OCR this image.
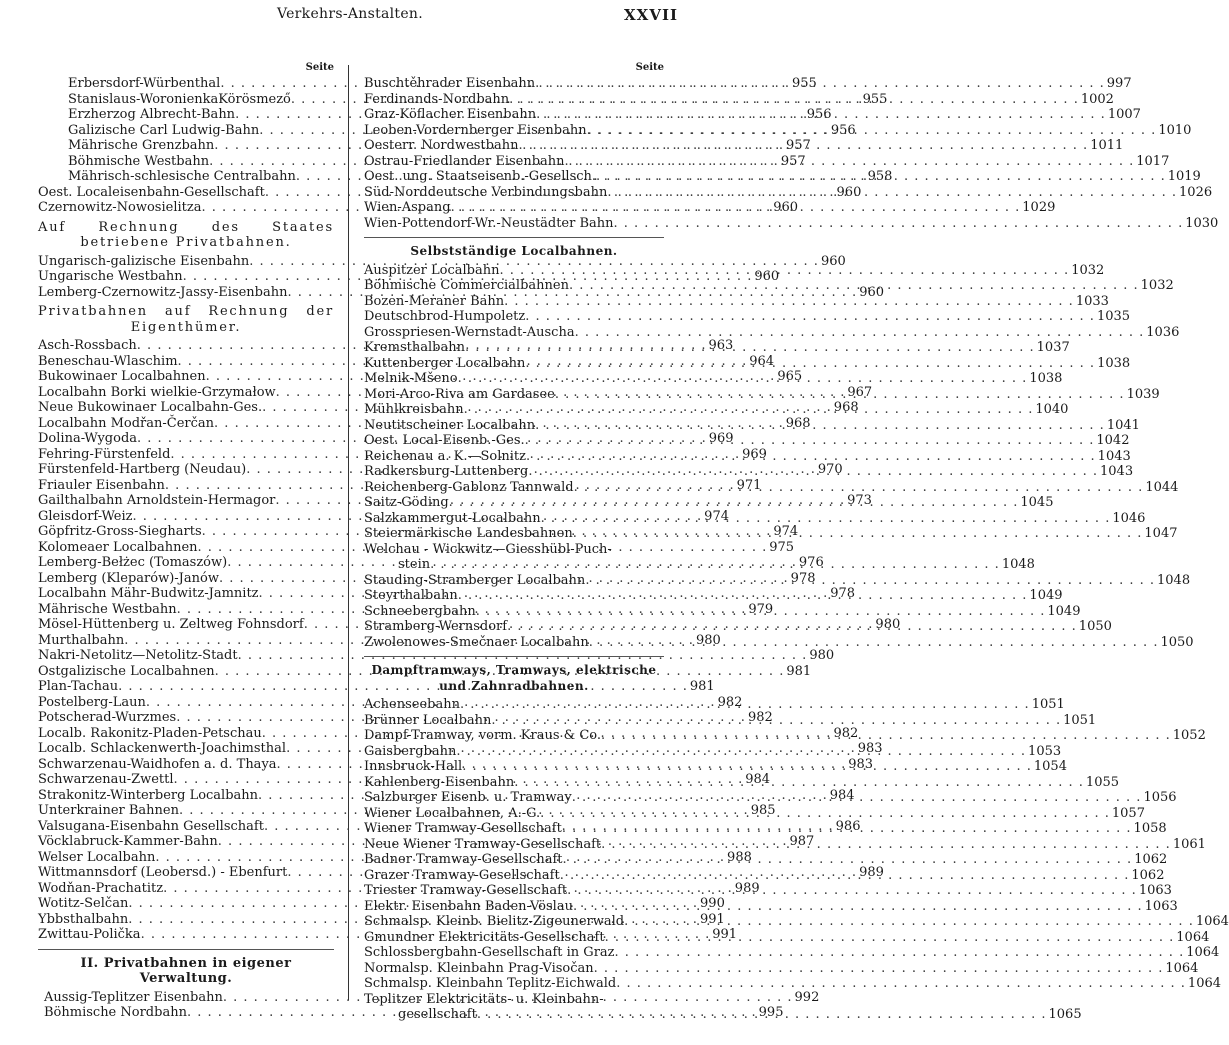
Verkehrs-Anstalten.	XXVII
Seite
Erbersdorf-Würbenthal . . .	955
Stanislaus-WoronienkaKörösmező . . .	955
Erzherzog Albrecht-Bahn . . .	956
Galizische Carl Ludwig-Bahn . . .	956
Mährische Grenzbahn . . .	957
Böhmische Westbahn . . .	957
Mährisch-schlesische Centralbahn . . .	958
Oest. Localeisenbahn-Gesellschaft . . .	960
Czernowitz-Nowosielitza . . .	960
Auf Rechnung des Staates betriebene Privatbahnen.
Ungarisch-galizische Eisenbahn . . .	960
Ungarische Westbahn . . .	960
Lemberg-Czernowitz-Jassy-Eisenbahn . . .	960
Privatbahnen auf Rechnung der Eigenthümer.
Asch-Rossbach . . .	963
Beneschau-Wlaschim . . .	964
Bukowinaer Localbahnen . . .	965
Localbahn Borki wielkie-Grzymałow . . .	967
Neue Bukowinaer Localbahn-Ges. . . .	968
Localbahn Modřan-Čerčan . . .	968
Dolina-Wygoda . . .	969
Fehring-Fürstenfeld . . .	969
Fürstenfeld-Hartberg (Neudau) . . .	970
Friauler Eisenbahn . . .	971
Gailthalbahn Arnoldstein-Hermagor . . .	973
Gleisdorf-Weiz . . .	974
Göpfritz-Gross-Siegharts . . .	974
Kolomeaer Localbahnen . . .	975
Lemberg-Bełżec (Tomaszów) . . .	976
Lemberg (Kleparów)-Janów . . .	978
Localbahn Mähr-Budwitz-Jamnitz . . .	978
Mährische Westbahn . . .	979
Mösel-Hüttenberg u. Zeltweg Fohnsdorf . . .	980
Murthalbahn . . .	980
Nakri-Netolitz—Netolitz-Stadt . . .	980
Ostgalizische Localbahnen . . .	981
Plan-Tachau . . .	981
Postelberg-Laun . . .	982
Potscherad-Wurzmes . . .	982
Localb. Rakonitz-Pladen-Petschau . . .	982
Localb. Schlackenwerth-Joachimsthal . . .	983
Schwarzenau-Waidhofen a. d. Thaya . . .	983
Schwarzenau-Zwettl . . .	984
Strakonitz-Winterberg Localbahn . . .	984
Unterkrainer Bahnen . . .	985
Valsugana-Eisenbahn Gesellschaft . . .	986
Vöcklabruck-Kammer-Bahn . . .	987
Welser Localbahn . . .	988
Wittmannsdorf (Leobersd.) - Ebenfurt . . .	989
Wodňan-Prachatitz . . .	989
Wotitz-Selčan . . .	990
Ybbsthalbahn . . .	991
Zwittau-Polička . . .	991
II. Privatbahnen in eigener Verwaltung.
Aussig-Teplitzer Eisenbahn . . .	992
Böhmische Nordbahn . . .	995
Seite
Buschtěhrader Eisenbahn . . .	997
Ferdinands-Nordbahn . . .	1002
Graz-Köflacher Eisenbahn . . .	1007
Leoben-Vordernberger Eisenbahn . . .	1010
Oesterr. Nordwestbahn . . .	1011
Ostrau-Friedlander Eisenbahn . . .	1017
Oest. ung. Staatseisenb.-Gesellsch. . . .	1019
Süd-Norddeutsche Verbindungsbahn . . .	1026
Wien-Aspang . . .	1029
Wien-Pottendorf-Wr.-Neustädter Bahn . . .	1030
Selbstständige Localbahnen.
Auspitzer Localbahn . . .	1032
Böhmische Commercialbahnen . . .	1032
Bozen-Meraner Bahn . . .	1033
Deutschbrod-Humpoletz . . .	1035
Grosspriesen-Wernstadt-Auscha . . .	1036
Kremsthalbahn . . .	1037
Kuttenberger Localbahn . . .	1038
Melnik-Mšeno . . .	1038
Mori-Arco-Riva am Gardasee . . .	1039
Mühlkreisbahn . . .	1040
Neutitscheiner Localbahn . . .	1041
Oest. Local-Eisenb.-Ges. . . .	1042
Reichenau a. K.—Solnitz . . .	1043
Radkersburg-Luttenberg . . .	1043
Reichenberg-Gablonz Tannwald . . .	1044
Saitz-Göding . . .	1045
Salzkammergut-Localbahn . . .	1046
Steiermärkische Landesbahnen . . .	1047
Welchau - Wickwitz—Giesshübl-Puch-
stein . . .	1048
Stauding-Stramberger Localbahn . . .	1048
Steyrthalbahn . . .	1049
Schneebergbahn . . .	1049
Stramberg-Wernsdorf . . .	1050
Zwolenowes-Smečnaer Localbahn . . .	1050
Dampftramways, Tramways, elektrische und Zahnradbahnen.
Achenseebahn . . .	1051
Brünner Localbahn . . .	1051
Dampf-Tramway, vorm. Kraus & Co. . . .	1052
Gaisbergbahn . . .	1053
Innsbruck-Hall . . .	1054
Kahlenberg-Eisenbahn . . .	1055
Salzburger Eisenb. u. Tramway . . .	1056
Wiener Localbahnen, A.-G. . . .	1057
Wiener Tramway-Gesellschaft . . .	1058
Neue Wiener Tramway-Gesellschaft . . .	1061
Badner Tramway-Gesellschaft . . .	1062
Grazer Tramway-Gesellschaft . . .	1062
Triester Tramway-Gesellschaft . . .	1063
Elektr. Eisenbahn Baden-Vöslau . . .	1063
Schmalsp. Kleinb. Bielitz-Zigeunerwald . . .	1064
Gmundner Elektricitäts-Gesellschaft . . .	1064
Schlossbergbahn-Gesellschaft in Graz . . .	1064
Normalsp. Kleinbahn Prag-Visočan . . .	1064
Schmalsp. Kleinbahn Teplitz-Eichwald . . .	1064
Teplitzer Elektricitäts- u. Kleinbahn-
gesellschaft . . .	1065
